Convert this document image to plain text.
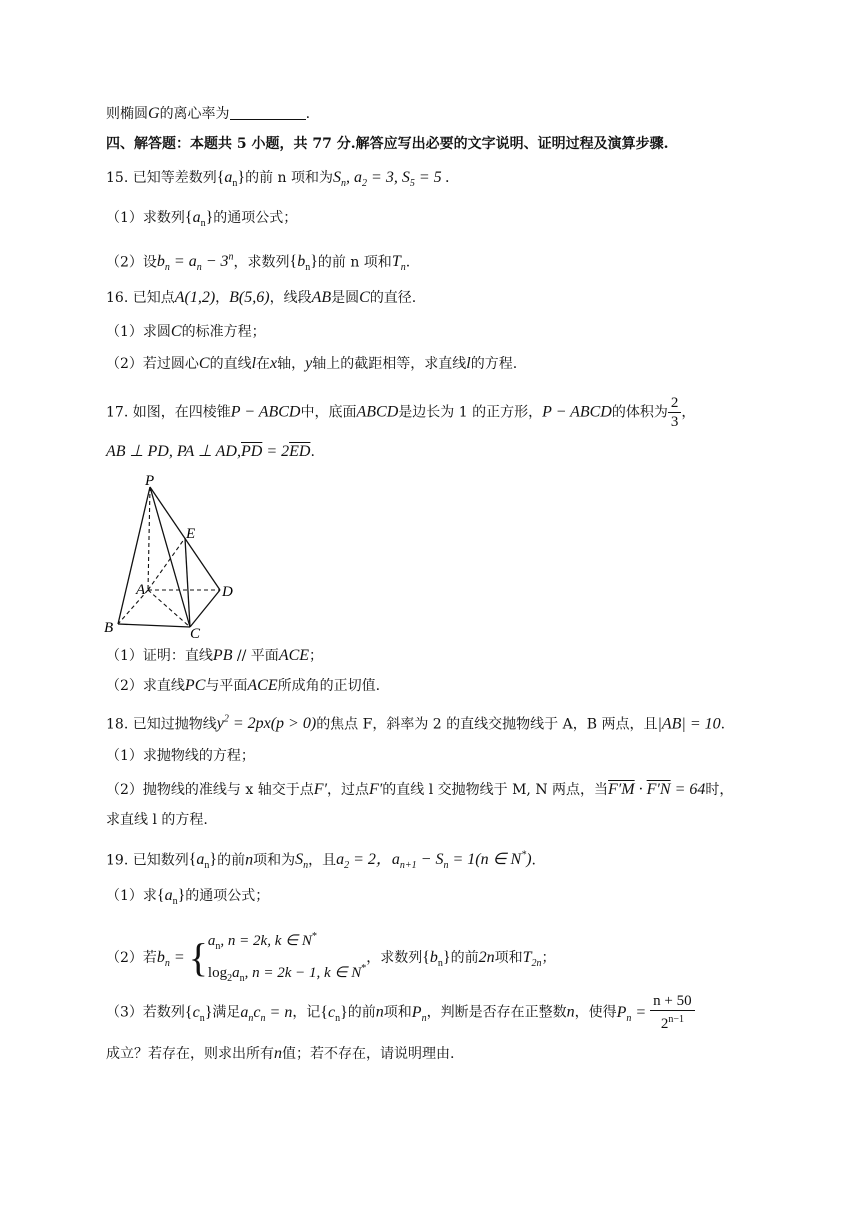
则椭圆G的离心率为	.
四、解答题：本题共 5 小题，共 77 分.解答应写出必要的文字说明、证明过程及演算步骤.
15. 已知等差数列$\{a_n\}$的前 n 项和为$S_n$, $a_2 = 3$, $S_5 = 5$ .
（1）求数列$\{a_n\}$的通项公式；
（2）设$b_n = a_n - 3^n$，求数列$\{b_n\}$的前 n 项和$T_n$.
16. 已知点A(1,2)，B(5,6)，线段AB是圆C的直径.
（1）求圆C的标准方程；
（2）若过圆心C的直线l在x轴，y轴上的截距相等，求直线l的方程.
17. 如图，在四棱锥P − ABCD中，底面ABCD是边长为 1 的正方形，P − ABCD的体积为 $\frac{2}{3}$ ，
AB ⊥ PD, PA ⊥ $AD,\overline{PD} = 2\overline{ED}$.
P
E
A	D
B	C
（1）证明：直线PB // 平面ACE；
（2）求直线PC与平面ACE所成角的正切值.
18. 已知过抛物线$y^2 = 2px(p > 0)$的焦点 F，斜率为 2 的直线交抛物线于 A，B 两点，且|AB| = 10.
（1）求抛物线的方程；
（2）抛物线的准线与 x 轴交于点F′，过点F′的直线 l 交抛物线于 M, N 两点，当F′M · F′N = 64时，
求直线 l 的方程.
19. 已知数列$\{a_n\}$的前n项和为$S_n$，且$a_2 = 2$，$a_{n+1} - S_n = 1(n$ ∈ N*).
（1）求$\{a_n\}$的通项公式；
（2）若$b_n$ = { $a_n$, n = 2k, k ∈ N*
$\log_2a_n$, n = 2k − 1, k ∈ N*
，求数列$\{b_n\}$的前2n项和$T_{2n}$；
（3）若数列$\{c_n\}$满足$a_nc_n = n$，记$\{c_n\}$的前n项和$P_n$，判断是否存在正整数n，使得$P_n = \frac{n + 50}{2^{n-1}}$
成立？若存在，则求出所有n值；若不存在，请说明理由.
